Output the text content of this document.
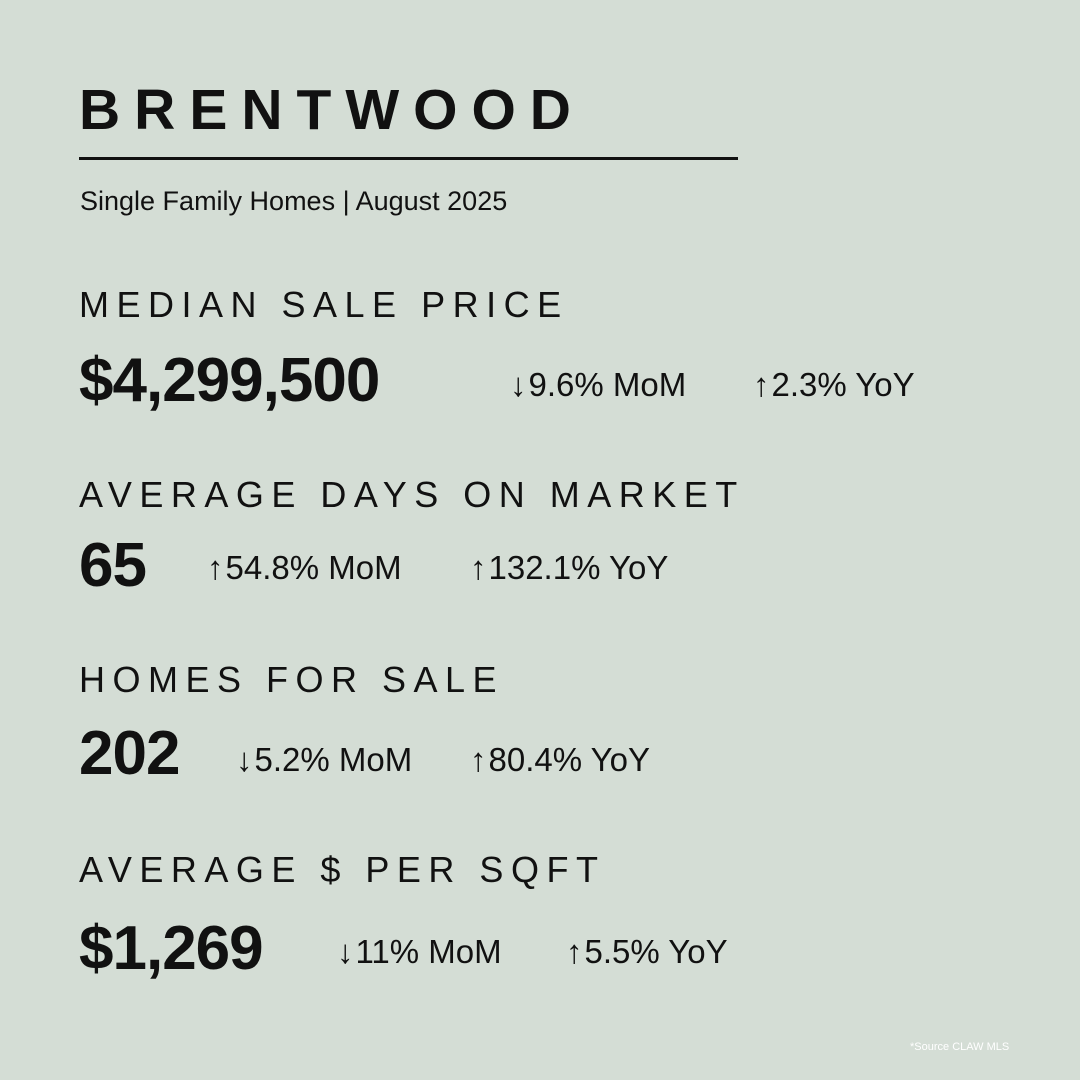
BRENTWOOD
Single Family Homes | August 2025
MEDIAN SALE PRICE
$4,299,500	↓9.6% MoM ↑2.3% YoY
AVERAGE DAYS ON MARKET
65 ↑54.8% MoM ↑132.1% YoY
HOMES FOR SALE
202 ↓5.2% MoM ↑80.4% YoY
AVERAGE $ PER SQFT
$1,269 ↓11% MoM ↑5.5% YoY
*Source CLAW MLS
